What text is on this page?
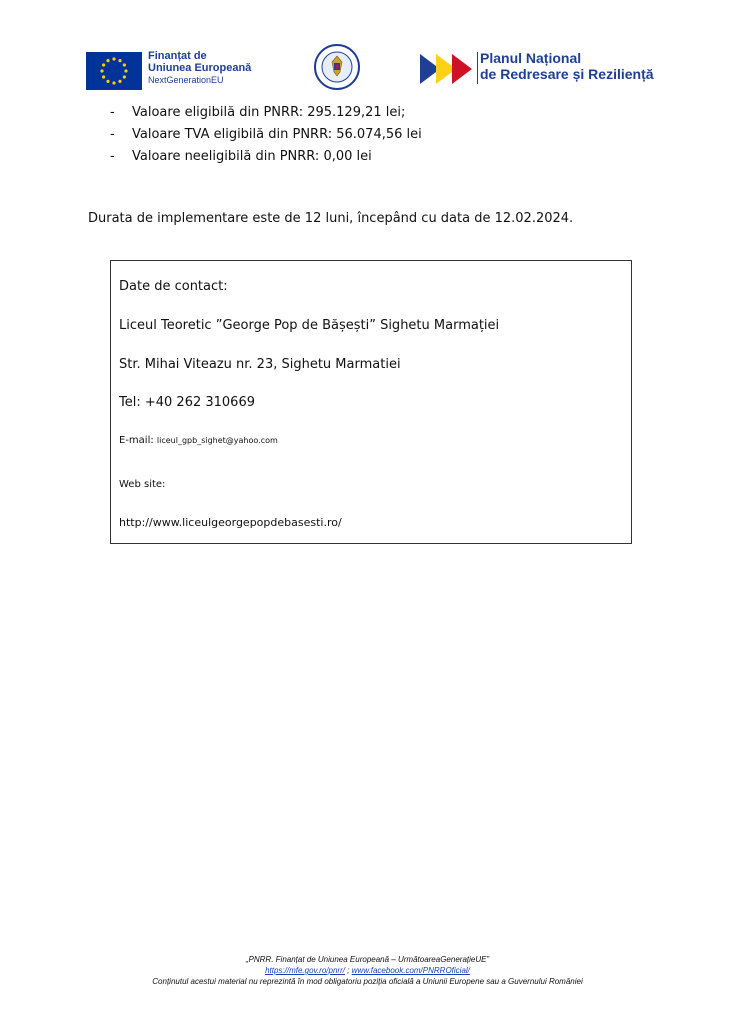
Finanțat de
Uniunea Europeană
NextGenerationEU
Planul Național
de Redresare și Reziliență
- Valoare eligibilă din PNRR: 295.129,21 lei;
- Valoare TVA eligibilă din PNRR: 56.074,56 lei
- Valoare neeligibilă din PNRR: 0,00 lei
Durata de implementare este de 12 luni, începând cu data de 12.02.2024.
Date de contact:
Liceul Teoretic ”George Pop de Bășești” Sighetu Marmației
Str. Mihai Viteazu nr. 23, Sighetu Marmatiei
Tel: +40 262 310669
E-mail: liceul_gpb_sighet@yahoo.com
Web site:
http://www.liceulgeorgepopdebasesti.ro/
„PNRR. Finanțat de Uniunea Europeană – UrmătoareaGenerațieUE”
https://mfe.gov.ro/pnrr/ ; www.facebook.com/PNRROficial/
Conținutul acestui material nu reprezintă în mod obligatoriu poziția oficială a Uniunii Europene sau a Guvernului României
